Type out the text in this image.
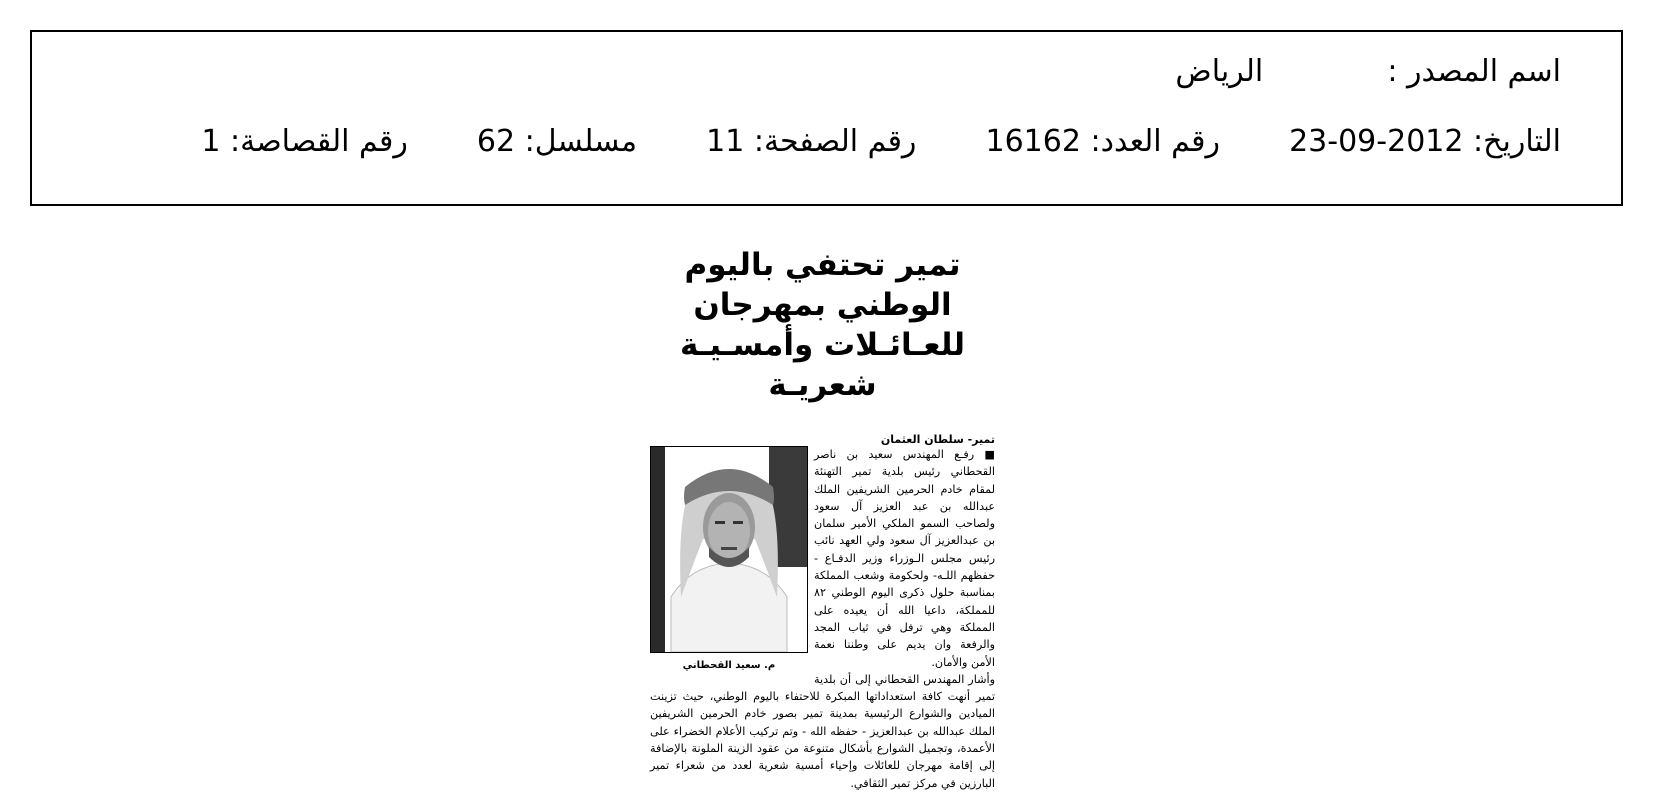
اسم المصدر :  الرياض
التاريخ: 2012-09-23  رقم العدد: 16162  رقم الصفحة: 11  مسلسل: 62  رقم القصاصة: 1
تمير تحتفي باليوم الوطني بمهرجان
للعـائـلات وأمسـيـة شعريـة
تمير- سلطان العثمان
م. سعيد القحطاني

■ رفـع المهندس سعيد بن ناصر القحطاني رئيس بلدية تمير التهنئة لمقام خادم الحرمين الشريفين الملك عبدالله بن عبد العزيز آل سعود ولصاحب السمو الملكي الأمير سلمان بن عبدالعزيز آل سعود ولي العهد نائب رئيس مجلس الـوزراء وزير الدفـاع - حفظهم اللـه- ولحكومة وشعب المملكة بمناسبة حلول ذكرى اليوم الوطني ٨٢ للمملكة، داعيا الله أن يعيده على المملكة وهي ترفل في ثياب المجد والرفعة وان يديم على وطننا نعمة الأمن والأمان.

وأشار المهندس القحطاني إلى أن بلدية تمير أنهت كافة استعداداتها المبكرة للاحتفاء باليوم الوطني، حيث تزينت الميادين والشوارع الرئيسية بمدينة تمير بصور خادم الحرمين الشريفين الملك عبدالله بن عبدالعزيز - حفظه الله - وتم تركيب الأعلام الخضراء على الأعمدة، وتجميل الشوارع بأشكال متنوعة من عقود الزينة الملونة بالإضافة إلى إقامة مهرجان للعائلات وإحياء أمسية شعرية لعدد من شعراء تمير البارزين في مركز تمير الثقافي.
